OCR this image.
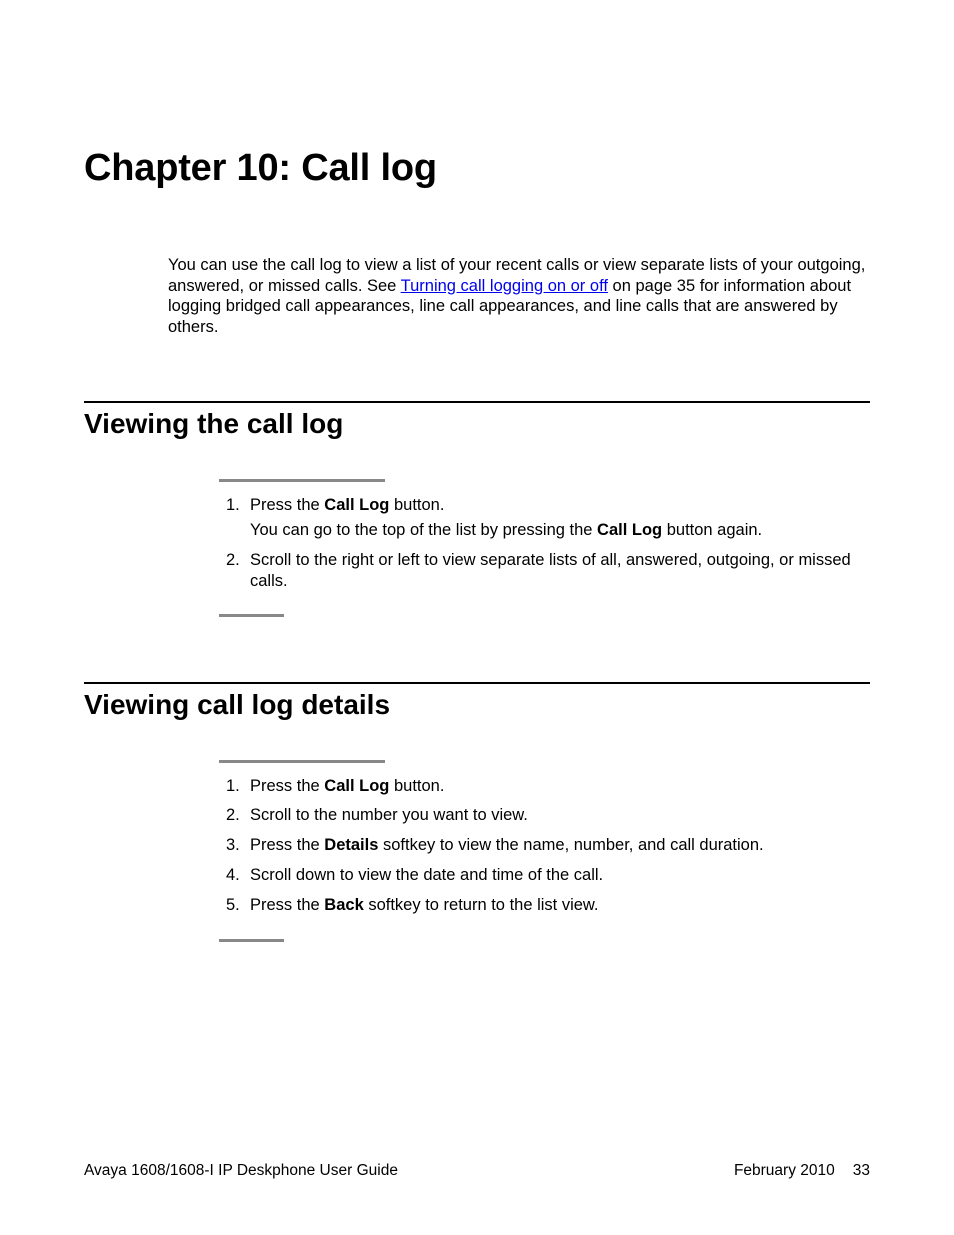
Chapter 10: Call log

You can use the call log to view a list of your recent calls or view separate lists of your outgoing, answered, or missed calls. See Turning call logging on or off on page 35 for information about logging bridged call appearances, line call appearances, and line calls that are answered by others.

Viewing the call log
1. Press the Call Log button.
You can go to the top of the list by pressing the Call Log button again.
2. Scroll to the right or left to view separate lists of all, answered, outgoing, or missed calls.
Viewing call log details
1. Press the Call Log button.
2. Scroll to the number you want to view.
3. Press the Details softkey to view the name, number, and call duration.
4. Scroll down to view the date and time of the call.
5. Press the Back softkey to return to the list view.
Avaya 1608/1608-I IP Deskphone User Guide	February 2010 33
